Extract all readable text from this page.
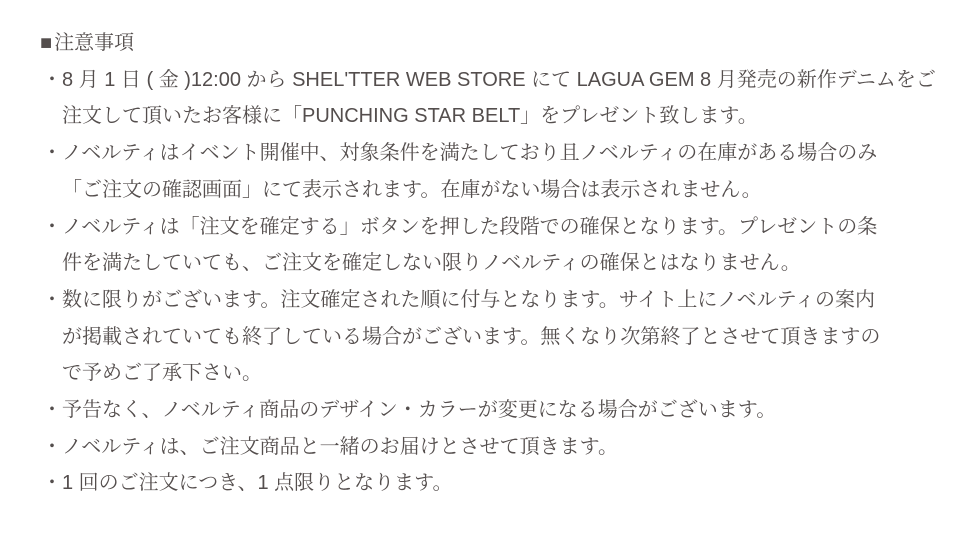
■ 注意事項
・ 8 月 1 日 ( 金 )12:00 から SHEL'TTER WEB STORE にて LAGUA GEM 8 月発売の新作デニムをご
注文して頂いたお客様に「PUNCHING STAR BELT」をプレゼント致します。
・ ノベルティはイベント開催中、対象条件を満たしており且ノベルティの在庫がある場合のみ
「ご注文の確認画面」にて表示されます。在庫がない場合は表示されません。
・ ノベルティは「注文を確定する」ボタンを押した段階での確保となります。プレゼントの条
件を満たしていても、ご注文を確定しない限りノベルティの確保とはなりません。
・ 数に限りがございます。注文確定された順に付与となります。サイト上にノベルティの案内
が掲載されていても終了している場合がございます。無くなり次第終了とさせて頂きますの
で予めご了承下さい。
・ 予告なく、ノベルティ商品のデザイン・カラーが変更になる場合がございます。
・ ノベルティは、ご注文商品と一緒のお届けとさせて頂きます。
・ 1 回のご注文につき、1 点限りとなります。
